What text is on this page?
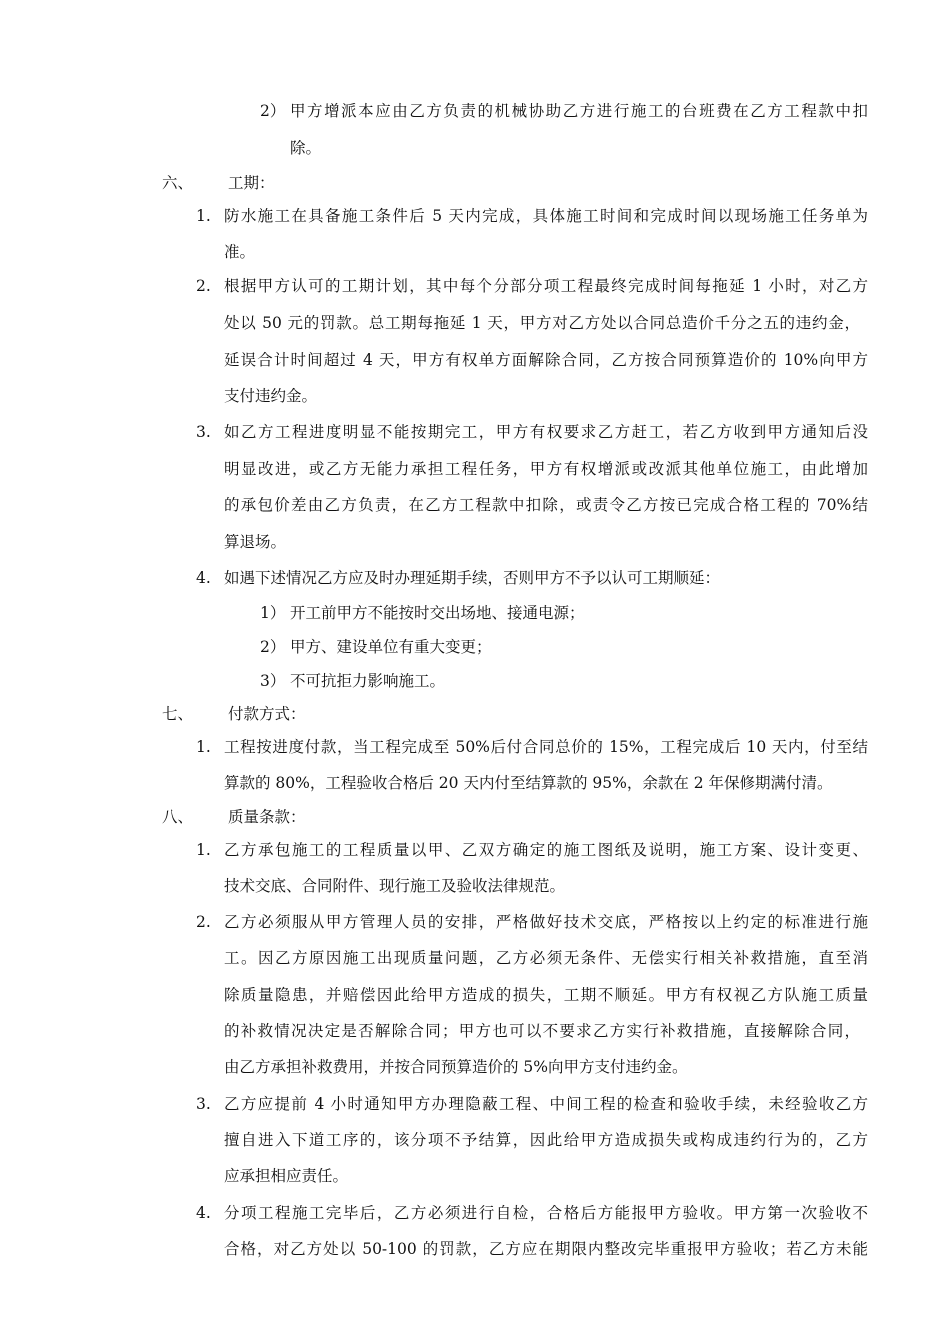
2） 甲方增派本应由乙方负责的机械协助乙方进行施工的台班费在乙方工程款中扣
除。
六、 工期：
1. 防水施工在具备施工条件后 5 天内完成，具体施工时间和完成时间以现场施工任务单为
准。
2. 根据甲方认可的工期计划，其中每个分部分项工程最终完成时间每拖延 1 小时，对乙方
处以 50 元的罚款。总工期每拖延 1 天，甲方对乙方处以合同总造价千分之五的违约金，
延误合计时间超过 4 天，甲方有权单方面解除合同，乙方按合同预算造价的 10%向甲方
支付违约金。
3. 如乙方工程进度明显不能按期完工，甲方有权要求乙方赶工，若乙方收到甲方通知后没
明显改进，或乙方无能力承担工程任务，甲方有权增派或改派其他单位施工，由此增加
的承包价差由乙方负责，在乙方工程款中扣除，或责令乙方按已完成合格工程的 70%结
算退场。
4. 如遇下述情况乙方应及时办理延期手续，否则甲方不予以认可工期顺延：
1） 开工前甲方不能按时交出场地、接通电源；
2） 甲方、建设单位有重大变更；
3） 不可抗拒力影响施工。
七、 付款方式：
1. 工程按进度付款，当工程完成至 50%后付合同总价的 15%，工程完成后 10 天内，付至结
算款的 80%，工程验收合格后 20 天内付至结算款的 95%，余款在 2 年保修期满付清。
八、 质量条款：
1. 乙方承包施工的工程质量以甲、乙双方确定的施工图纸及说明，施工方案、设计变更、
技术交底、合同附件、现行施工及验收法律规范。
2. 乙方必须服从甲方管理人员的安排，严格做好技术交底，严格按以上约定的标准进行施
工。因乙方原因施工出现质量问题，乙方必须无条件、无偿实行相关补救措施，直至消
除质量隐患，并赔偿因此给甲方造成的损失，工期不顺延。甲方有权视乙方队施工质量
的补救情况决定是否解除合同；甲方也可以不要求乙方实行补救措施，直接解除合同，
由乙方承担补救费用，并按合同预算造价的 5%向甲方支付违约金。
3. 乙方应提前 4 小时通知甲方办理隐蔽工程、中间工程的检查和验收手续，未经验收乙方
擅自进入下道工序的，该分项不予结算，因此给甲方造成损失或构成违约行为的，乙方
应承担相应责任。
4. 分项工程施工完毕后，乙方必须进行自检，合格后方能报甲方验收。甲方第一次验收不
合格，对乙方处以 50-100 的罚款，乙方应在期限内整改完毕重报甲方验收；若乙方未能
